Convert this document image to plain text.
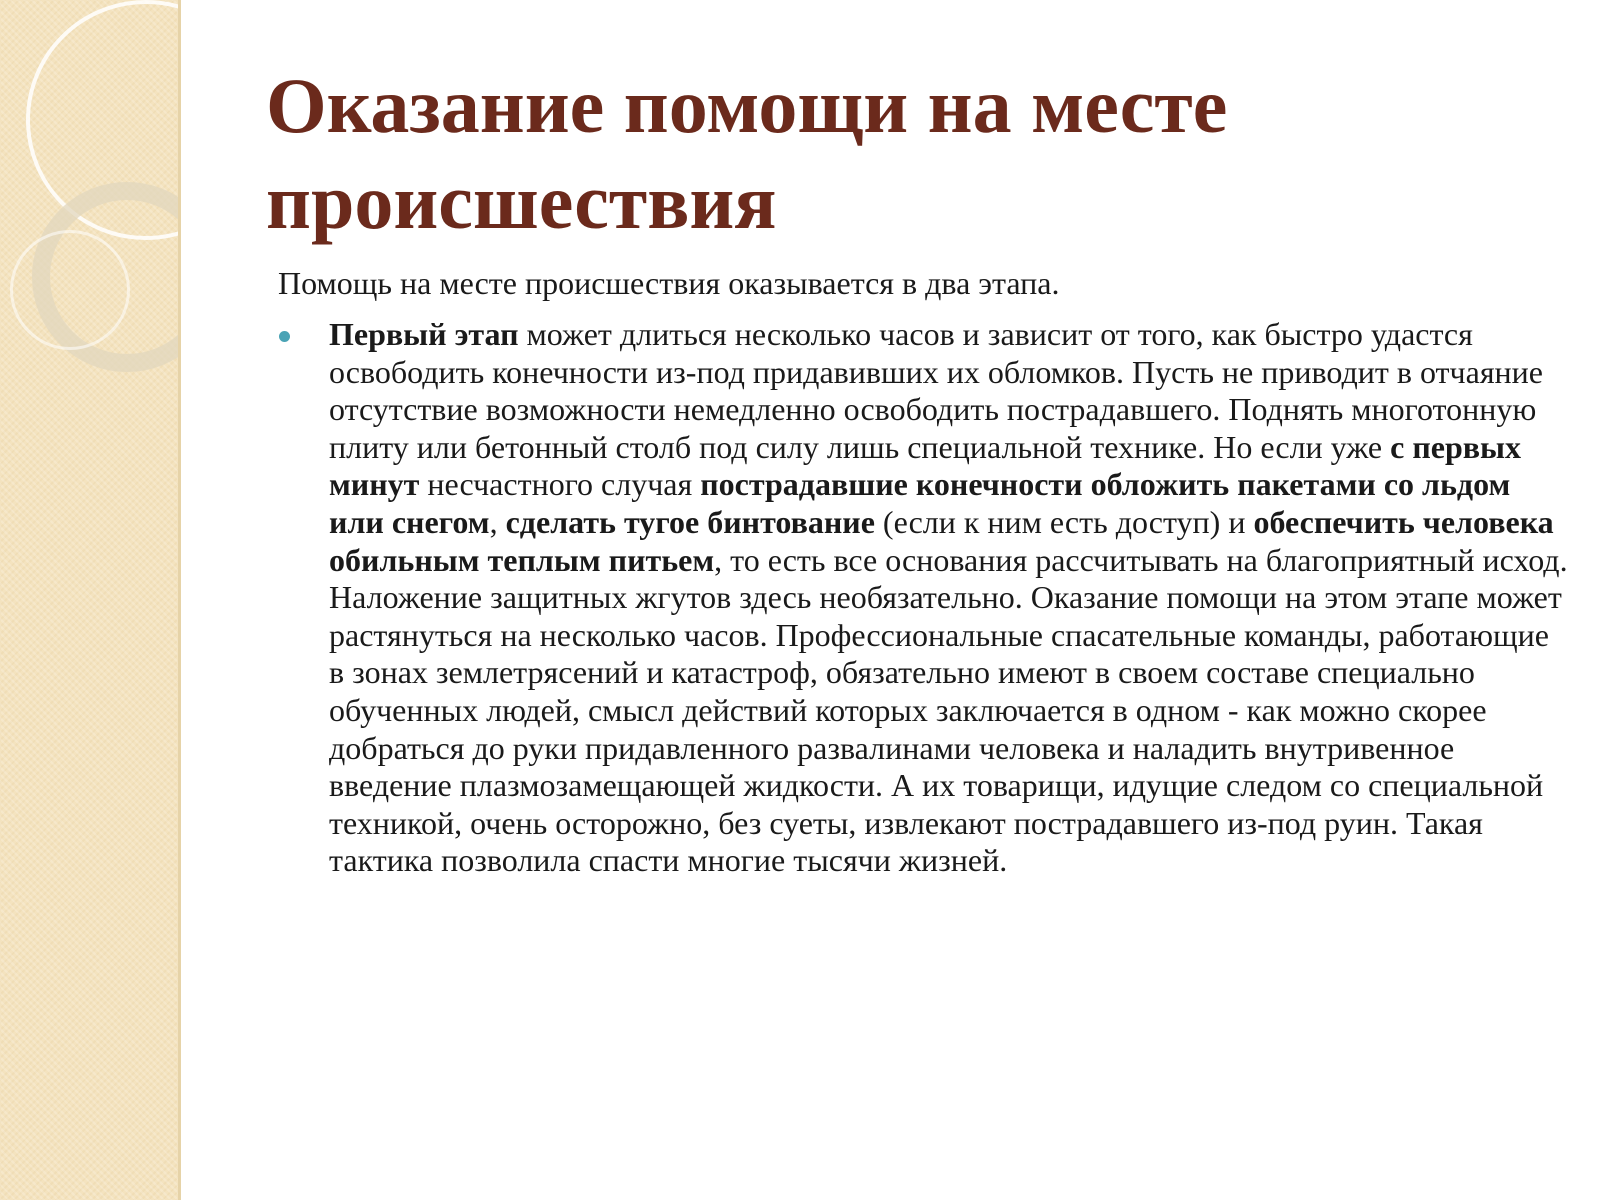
Оказание помощи на месте происшествия

Помощь на месте происшествия оказывается в два этапа.

Первый этап может длиться несколько часов и зависит от того, как быстро удастся освободить конечности из-под придавивших их обломков. Пусть не приводит в отчаяние отсутствие возможности немедленно освободить пострадавшего. Поднять многотонную плиту или бетонный столб под силу лишь специальной технике. Но если уже с первых минут несчастного случая пострадавшие конечности обложить пакетами со льдом или снегом, сделать тугое бинтование (если к ним есть доступ) и обеспечить человека обильным теплым питьем, то есть все основания рассчитывать на благоприятный исход. Наложение защитных жгутов здесь необязательно. Оказание помощи на этом этапе может растянуться на несколько часов. Профессиональные спасательные команды, работающие в зонах землетрясений и катастроф, обязательно имеют в своем составе специально обученных людей, смысл действий которых заключается в одном - как можно скорее добраться до руки придавленного развалинами человека и наладить внутривенное введение плазмозамещающей жидкости. А их товарищи, идущие следом со специальной техникой, очень осторожно, без суеты, извлекают пострадавшего из-под руин. Такая тактика позволила спасти многие тысячи жизней.
